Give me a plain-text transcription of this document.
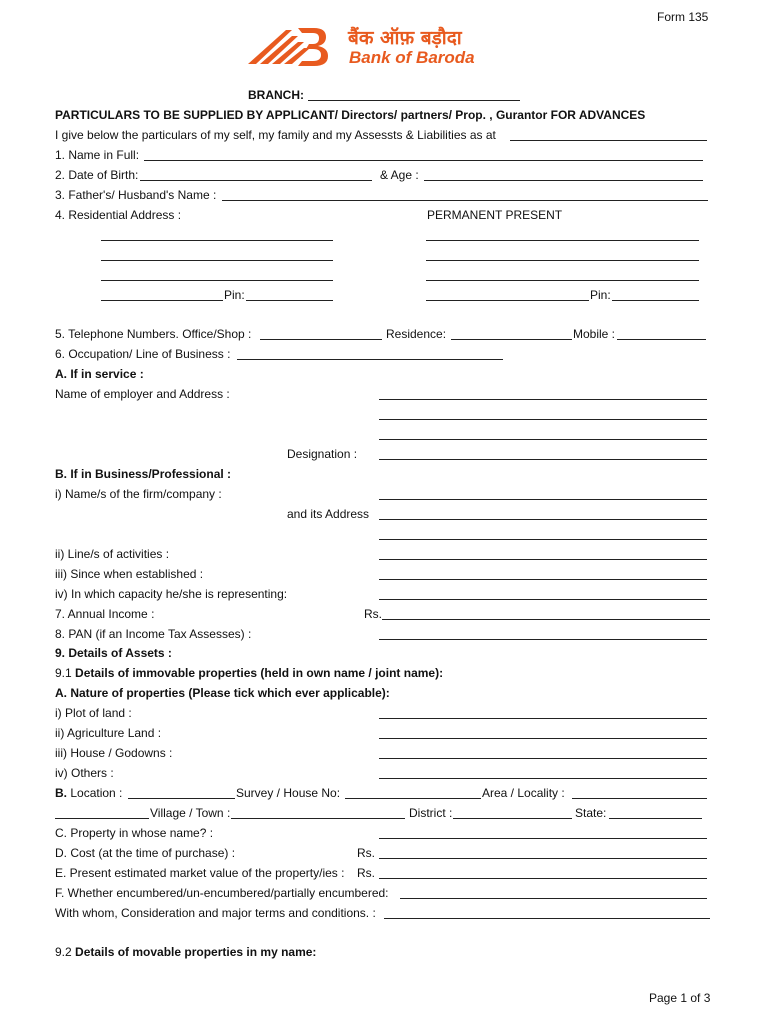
Form 135
बैंक ऑफ़ बड़ौदा
Bank of Baroda
BRANCH:
PARTICULARS TO BE SUPPLIED BY APPLICANT/ Directors/ partners/ Prop. , Gurantor FOR ADVANCES
I give below the particulars of my self, my family and my Assessts & Liabilities as at
1. Name in Full:
2. Date of Birth:	& Age :
3. Father's/ Husband's Name :
4. Residential Address :	PERMANENT PRESENT
Pin:	Pin:
5. Telephone Numbers. Office/Shop :	Residence:	Mobile :
6. Occupation/ Line of Business :
A. If in service :
Name of employer and Address :
Designation :
B. If in Business/Professional :
i) Name/s of the firm/company :
and its Address
ii) Line/s of activities :
iii) Since when established :
iv) In which capacity he/she is representing:
7. Annual Income :	Rs.
8. PAN (if an Income Tax Assesses) :
9. Details of Assets :
9.1 Details of immovable properties (held in own name / joint name):
A. Nature of properties (Please tick which ever applicable):
i) Plot of land :
ii) Agriculture Land :
iii) House / Godowns :
iv) Others :
B. Location :	Survey / House No:	Area / Locality :
Village / Town :	District :	State:
C. Property in whose name? :
D. Cost (at the time of purchase) :	Rs.
E. Present estimated market value of the property/ies : Rs.
F. Whether encumbered/un-encumbered/partially encumbered:
With whom, Consideration and major terms and conditions. :
9.2 Details of movable properties in my name:
Page 1 of 3
